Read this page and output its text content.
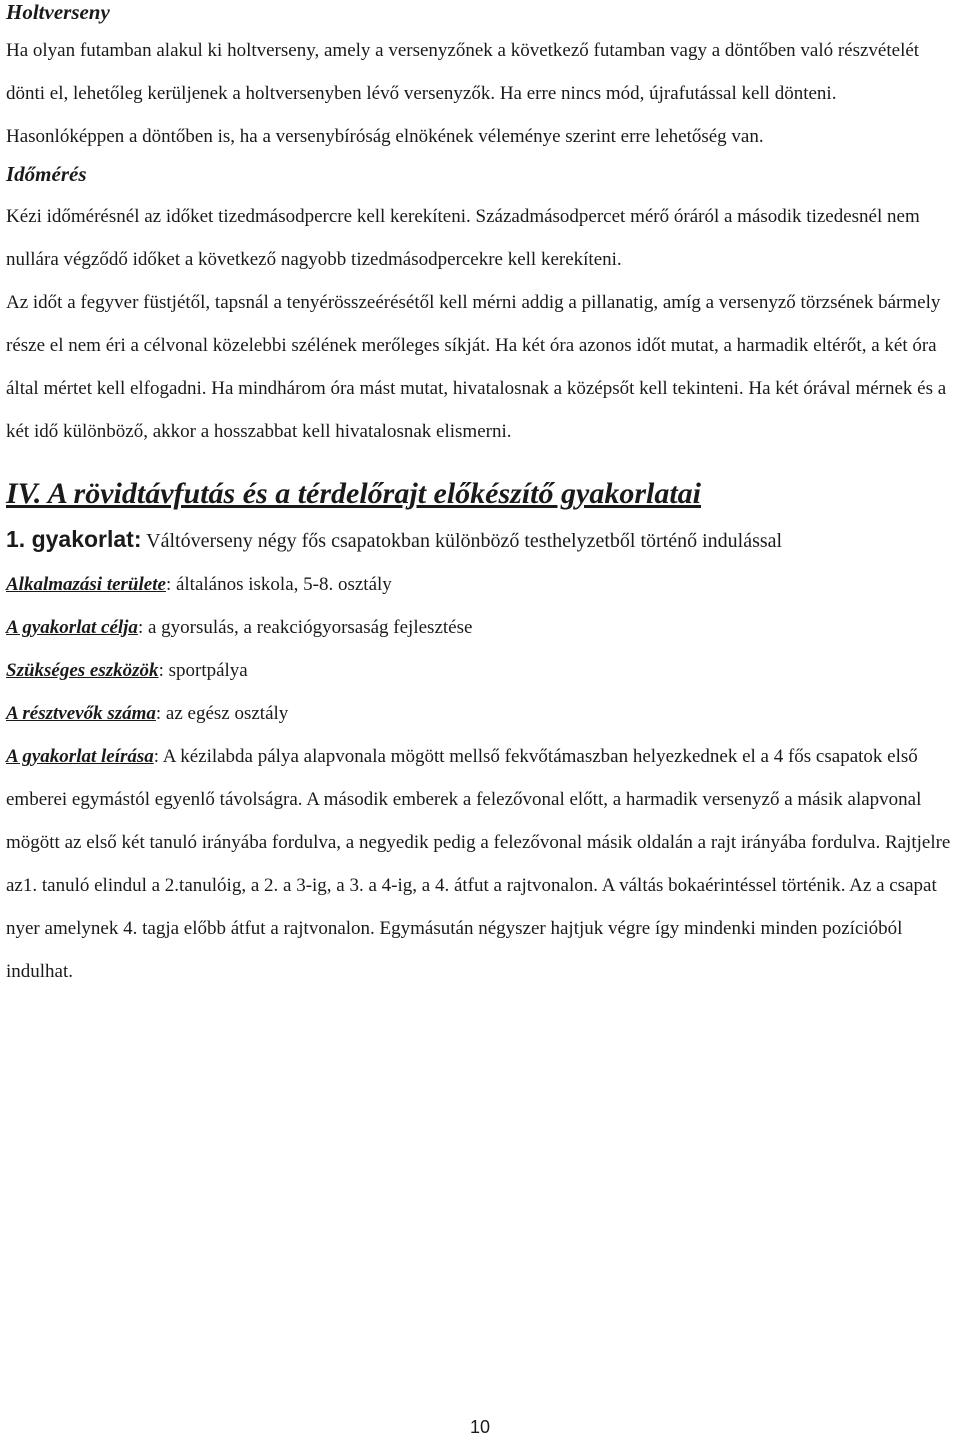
Holtverseny

Ha olyan futamban alakul ki holtverseny, amely a versenyzőnek a következő futamban vagy a döntőben való részvételét dönti el, lehetőleg kerüljenek a holtversenyben lévő versenyzők. Ha erre nincs mód, újrafutással kell dönteni. Hasonlóképpen a döntőben is, ha a versenybíróság elnökének véleménye szerint erre lehetőség van.

Időmérés

Kézi időmérésnél az időket tizedmásodpercre kell kerekíteni. Századmásodpercet mérő óráról a második tizedesnél nem nullára végződő időket a következő nagyobb tizedmásodpercekre kell kerekíteni.

Az időt a fegyver füstjétől, tapsnál a tenyérösszeérésétől kell mérni addig a pillanatig, amíg a versenyző törzsének bármely része el nem éri a célvonal közelebbi szélének merőleges síkját. Ha két óra azonos időt mutat, a harmadik eltérőt, a két óra által mértet kell elfogadni. Ha mindhárom óra mást mutat, hivatalosnak a középsőt kell tekinteni. Ha két órával mérnek és a két idő különböző, akkor a hosszabbat kell hivatalosnak elismerni.

IV. A rövidtávfutás és a térdelőrajt előkészítő gyakorlatai

1. gyakorlat: Váltóverseny négy fős csapatokban különböző testhelyzetből történő indulással

Alkalmazási területe: általános iskola, 5-8. osztály

A gyakorlat célja: a gyorsulás, a reakciógyorsaság fejlesztése

Szükséges eszközök: sportpálya

A résztvevők száma: az egész osztály

A gyakorlat leírása: A kézilabda pálya alapvonala mögött mellső fekvőtámaszban helyezkednek el a 4 fős csapatok első emberei egymástól egyenlő távolságra. A második emberek a felezővonal előtt, a harmadik versenyző a másik alapvonal mögött az első két tanuló irányába fordulva, a negyedik pedig a felezővonal másik oldalán a rajt irányába fordulva. Rajtjelre az1. tanuló elindul a 2.tanulóig, a 2. a 3-ig, a 3. a 4-ig, a 4. átfut a rajtvonalon. A váltás bokaérintéssel történik. Az a csapat nyer amelynek 4. tagja előbb átfut a rajtvonalon. Egymásután négyszer hajtjuk végre így mindenki minden pozícióból indulhat.

10
